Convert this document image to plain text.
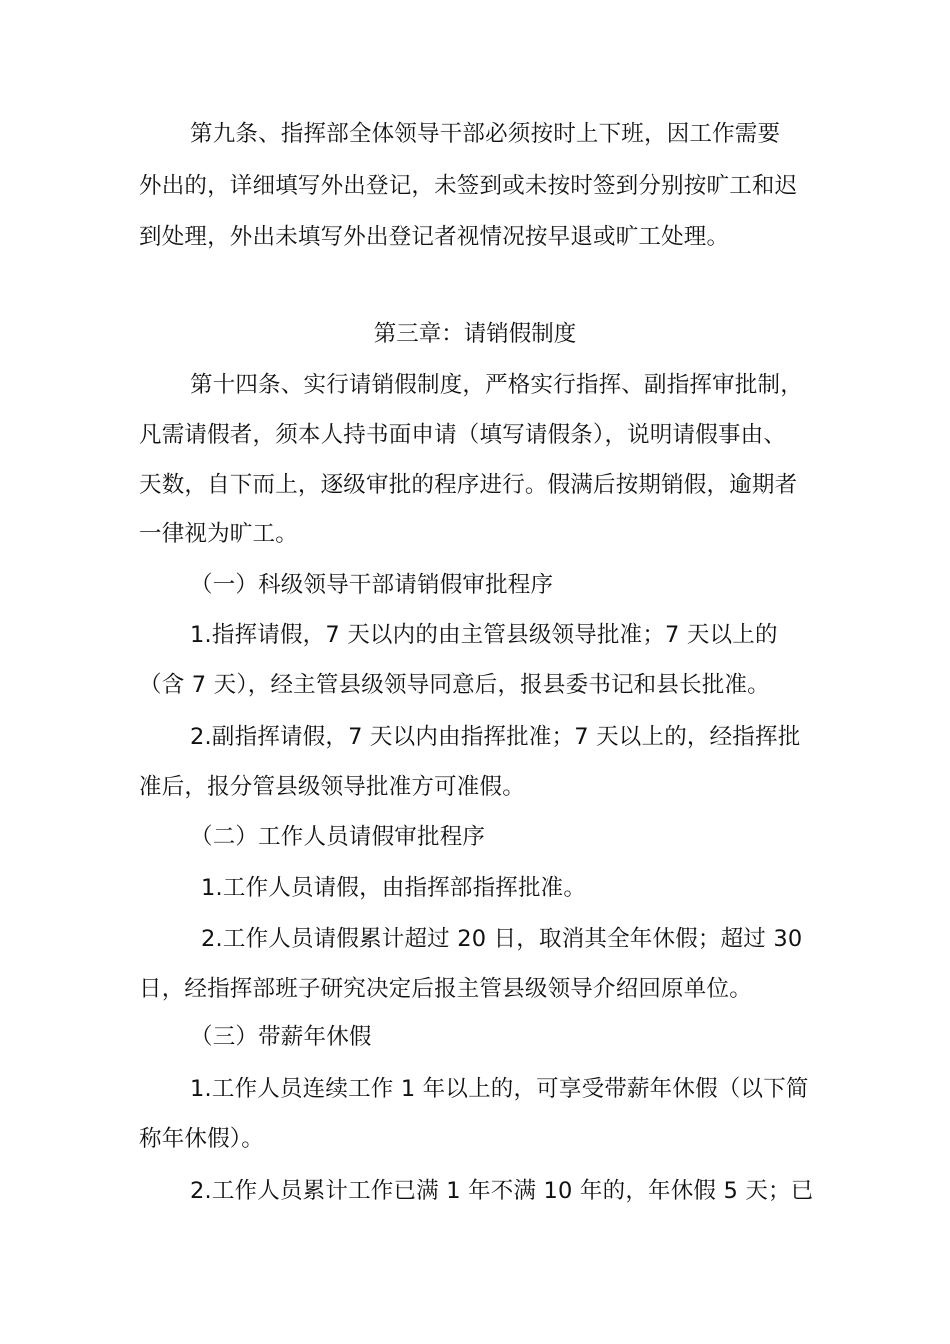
第九条、指挥部全体领导干部必须按时上下班，因工作需要
外出的，详细填写外出登记，未签到或未按时签到分别按旷工和迟
到处理，外出未填写外出登记者视情况按早退或旷工处理。
第三章：请销假制度
第十四条、实行请销假制度，严格实行指挥、副指挥审批制，
凡需请假者，须本人持书面申请（填写请假条），说明请假事由、
天数，自下而上，逐级审批的程序进行。假满后按期销假，逾期者
一律视为旷工。
（一）科级领导干部请销假审批程序
1.指挥请假，7 天以内的由主管县级领导批准；7 天以上的
（含 7 天），经主管县级领导同意后，报县委书记和县长批准。
2.副指挥请假，7 天以内由指挥批准；7 天以上的，经指挥批
准后，报分管县级领导批准方可准假。
（二）工作人员请假审批程序
1.工作人员请假，由指挥部指挥批准。
2.工作人员请假累计超过 20 日，取消其全年休假；超过 30
日，经指挥部班子研究决定后报主管县级领导介绍回原单位。
（三）带薪年休假
1.工作人员连续工作 1 年以上的，可享受带薪年休假（以下简
称年休假）。
2.工作人员累计工作已满 1 年不满 10 年的，年休假 5 天；已
